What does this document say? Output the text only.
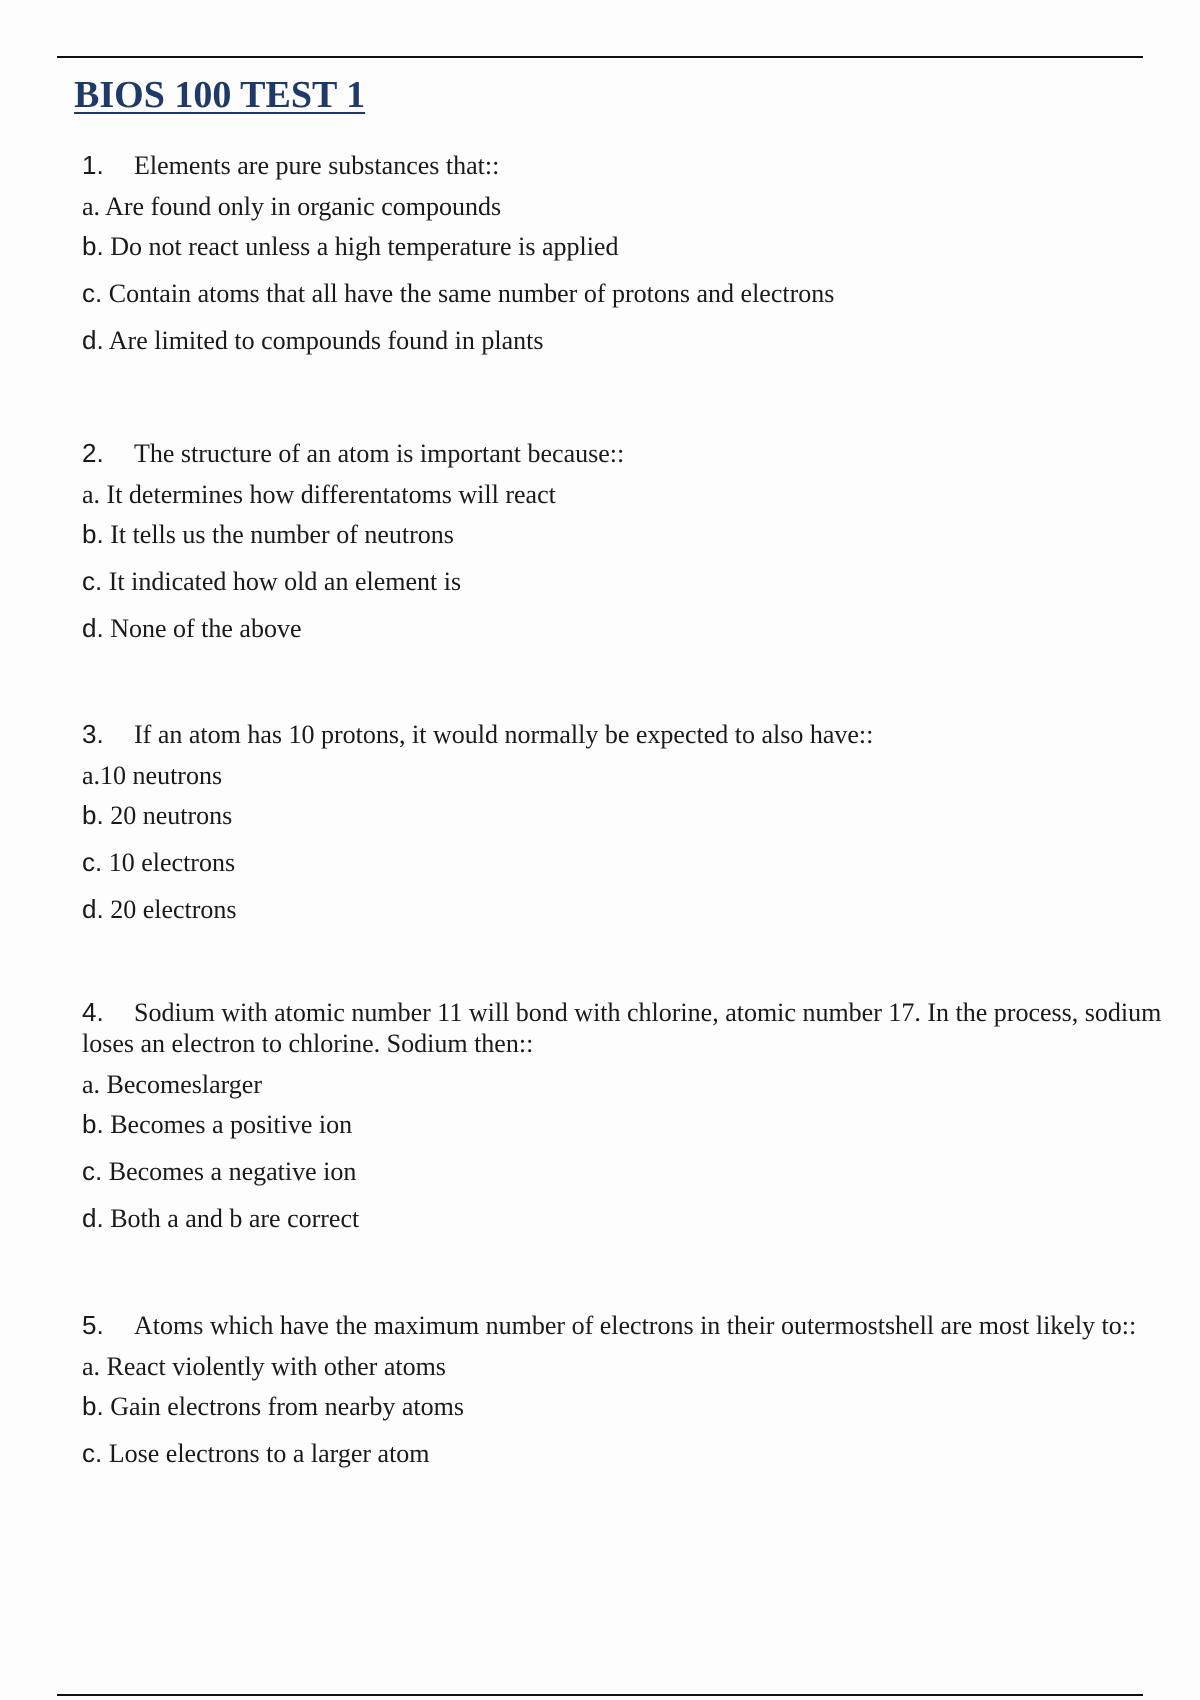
BIOS 100 TEST 1

1. Elements are pure substances that::

a. Are found only in organic compounds

b. Do not react unless a high temperature is applied

c. Contain atoms that all have the same number of protons and electrons

d. Are limited to compounds found in plants

2. The structure of an atom is important because::

a. It determines how differentatoms will react

b. It tells us the number of neutrons

c. It indicated how old an element is

d. None of the above

3. If an atom has 10 protons, it would normally be expected to also have::

a.10 neutrons

b. 20 neutrons

c. 10 electrons

d. 20 electrons

4. Sodium with atomic number 11 will bond with chlorine, atomic number 17. In the process, sodium loses an electron to chlorine. Sodium then::

a. Becomeslarger

b. Becomes a positive ion

c. Becomes a negative ion

d. Both a and b are correct

5. Atoms which have the maximum number of electrons in their outermostshell are most likely to::

a. React violently with other atoms

b. Gain electrons from nearby atoms

c. Lose electrons to a larger atom
